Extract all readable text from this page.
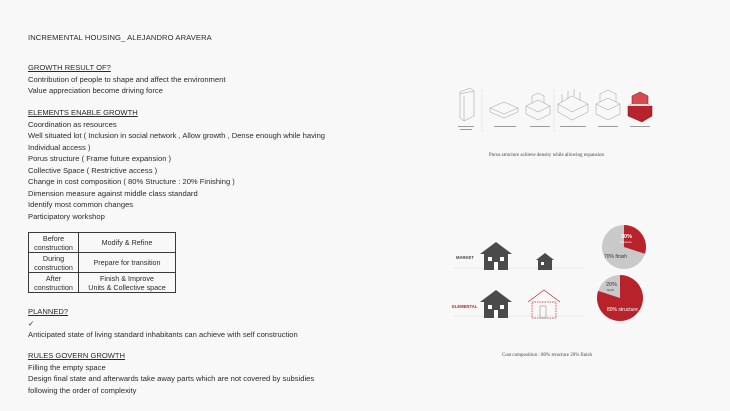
INCREMENTAL HOUSING_ ALEJANDRO ARAVERA
GROWTH RESULT OF?
Contribution of people to shape and affect the environment
Value appreciation become driving force
ELEMENTS ENABLE GROWTH
Coordination as resources
Well situated lot ( Inclusion in social network , Allow growth , Dense enough while having
Individual access )
Porus structure ( Frame future expansion )
Collective Space ( Restrictive access )
Change in cost composition ( 80% Structure : 20% Finishing )
Dimension measure against middle class standard
Identify most common changes
Participatory workshop
Before
construction	Modify & Refine
During
construction	Prepare for transition
After
construction	Finish & Improve
Units & Collective space
PLANNED?
✓
Anticipated state of living standard inhabitants can achieve with self construction
RULES GOVERN GROWTH
Filling the empty space
Design final state and afterwards take away parts which are not covered by subsidies
following the order of complexity
Porus structure achieve density while allowing expansion
MARKET
ELEMENTAL
30%
structure
70% finish
20%
finish
80% structure
Cost composition : 80% structure 20% finish
